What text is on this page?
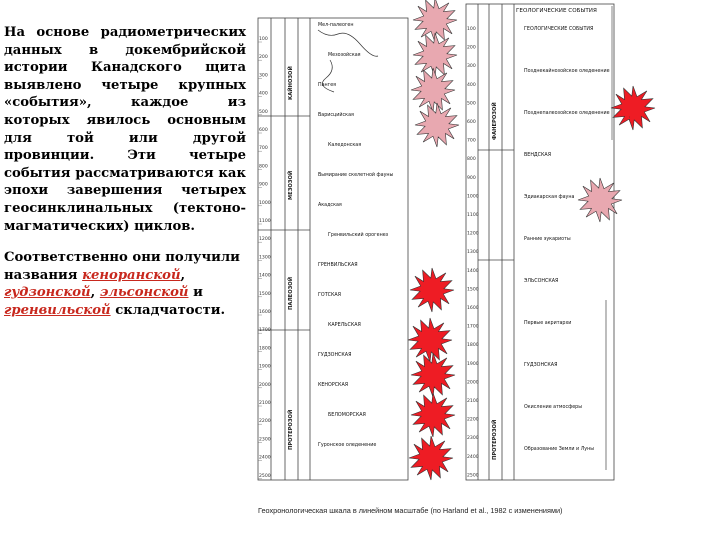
На основе радиометрических данных в докембрийской истории Канадского щита выявлено четыре крупных «события», каждое из которых явилось основным для той или другой провинции. Эти четыре события рассматриваются как эпохи завершения четырех геосинклинальных (тектоно-магматических) циклов.

Соответственно они получили названия кеноранской, гудзонской, эльсонской и гренвильской складчатости.

100
200
300
400
500
600
700
800
900
1000
1100
1200
1300
1400
1500
1600
1700
1800
1900
2000
2100
2200
2300
2400
2500
100
200
300
400
500
600
700
800
900
1000
1100
1200
1300
1400
1500
1600
1700
1800
1900
2000
2100
2200
2300
2400
2500
КАЙНОЗОЙ
МЕЗОЗОЙ
ПАЛЕОЗОЙ
ПРОТЕРОЗОЙ
ФАНЕРОЗОЙ
ПРОТЕРОЗОЙ
ГЕОЛОГИЧЕСКИЕ СОБЫТИЯ
Мел-палеоген
Мезозойская
Пангея
Варисцийская
Каледонская
Вымирание скелетной фауны
Акадская
Гренвильский орогенез
ГРЕНВИЛЬСКАЯ
ГОТСКАЯ
КАРЕЛЬСКАЯ
ГУДЗОНСКАЯ
КЕНОРСКАЯ
БЕЛОМОРСКАЯ
Гуронское оледенение
ГЕОЛОГИЧЕСКИЕ СОБЫТИЯ
Позднекайнозойское оледенение
Позднепалеозойское оледенение
ВЕНДСКАЯ
Эдиакарская фауна
Ранние эукариоты
ЭЛЬСОНСКАЯ
Первые акритархи
ГУДЗОНСКАЯ
Окисление атмосферы
Образование Земли и Луны
…
Геохронологическая шкала в линейном масштабе (по Harland et al., 1982 с изменениями)
